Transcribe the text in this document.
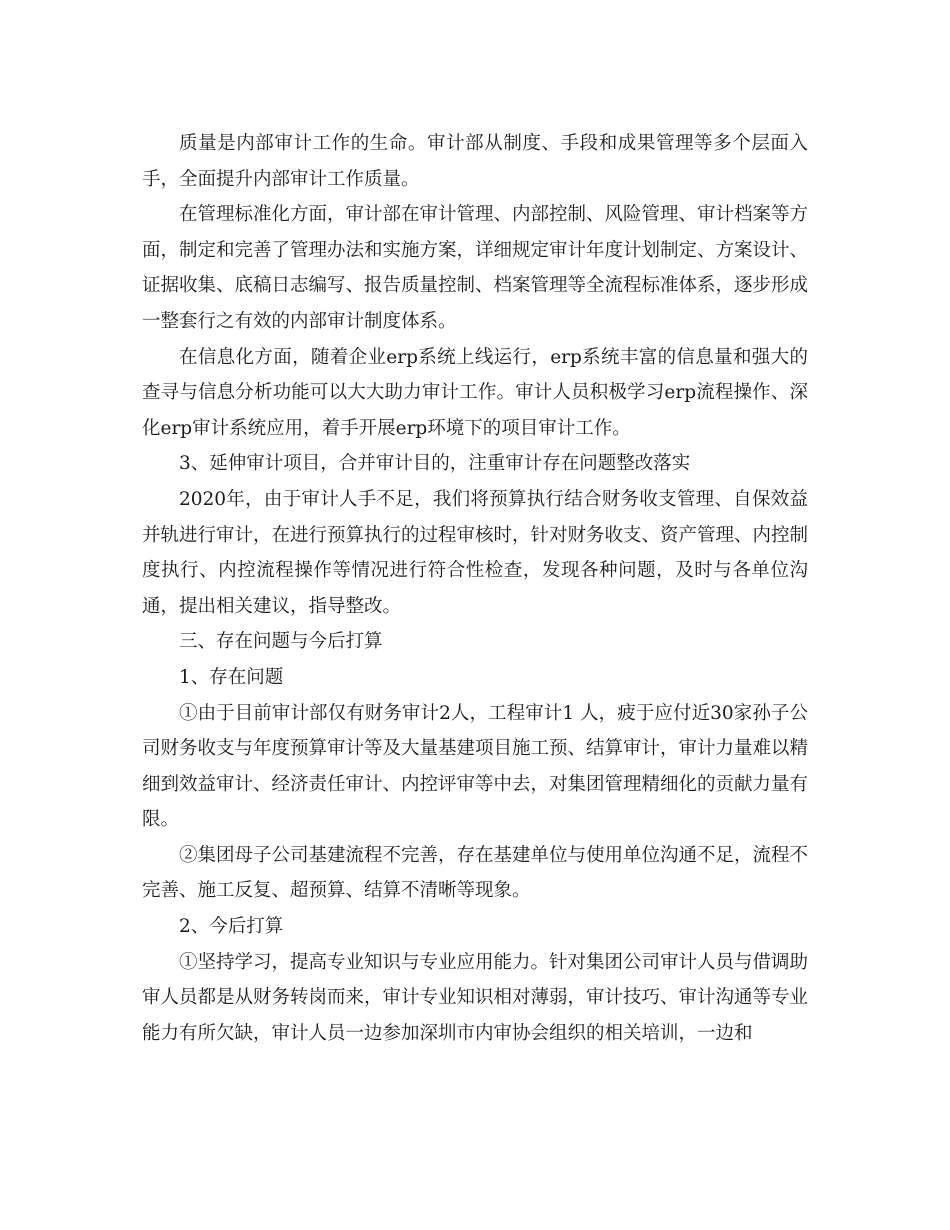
质量是内部审计工作的生命。审计部从制度、手段和成果管理等多个层面入手，全面提升内部审计工作质量。

在管理标准化方面，审计部在审计管理、内部控制、风险管理、审计档案等方面，制定和完善了管理办法和实施方案，详细规定审计年度计划制定、方案设计、证据收集、底稿日志编写、报告质量控制、档案管理等全流程标准体系，逐步形成一整套行之有效的内部审计制度体系。

在信息化方面，随着企业erp系统上线运行，erp系统丰富的信息量和强大的查寻与信息分析功能可以大大助力审计工作。审计人员积极学习erp流程操作、深化erp审计系统应用，着手开展erp环境下的项目审计工作。

3、延伸审计项目，合并审计目的，注重审计存在问题整改落实

2020年，由于审计人手不足，我们将预算执行结合财务收支管理、自保效益并轨进行审计，在进行预算执行的过程审核时，针对财务收支、资产管理、内控制度执行、内控流程操作等情况进行符合性检查，发现各种问题，及时与各单位沟通，提出相关建议，指导整改。

三、存在问题与今后打算

1、存在问题

①由于目前审计部仅有财务审计2人，工程审计1 人，疲于应付近30家孙子公司财务收支与年度预算审计等及大量基建项目施工预、结算审计，审计力量难以精细到效益审计、经济责任审计、内控评审等中去，对集团管理精细化的贡献力量有限。

②集团母子公司基建流程不完善，存在基建单位与使用单位沟通不足，流程不完善、施工反复、超预算、结算不清晰等现象。

2、今后打算

①坚持学习，提高专业知识与专业应用能力。针对集团公司审计人员与借调助审人员都是从财务转岗而来，审计专业知识相对薄弱，审计技巧、审计沟通等专业能力有所欠缺，审计人员一边参加深圳市内审协会组织的相关培训，一边和
